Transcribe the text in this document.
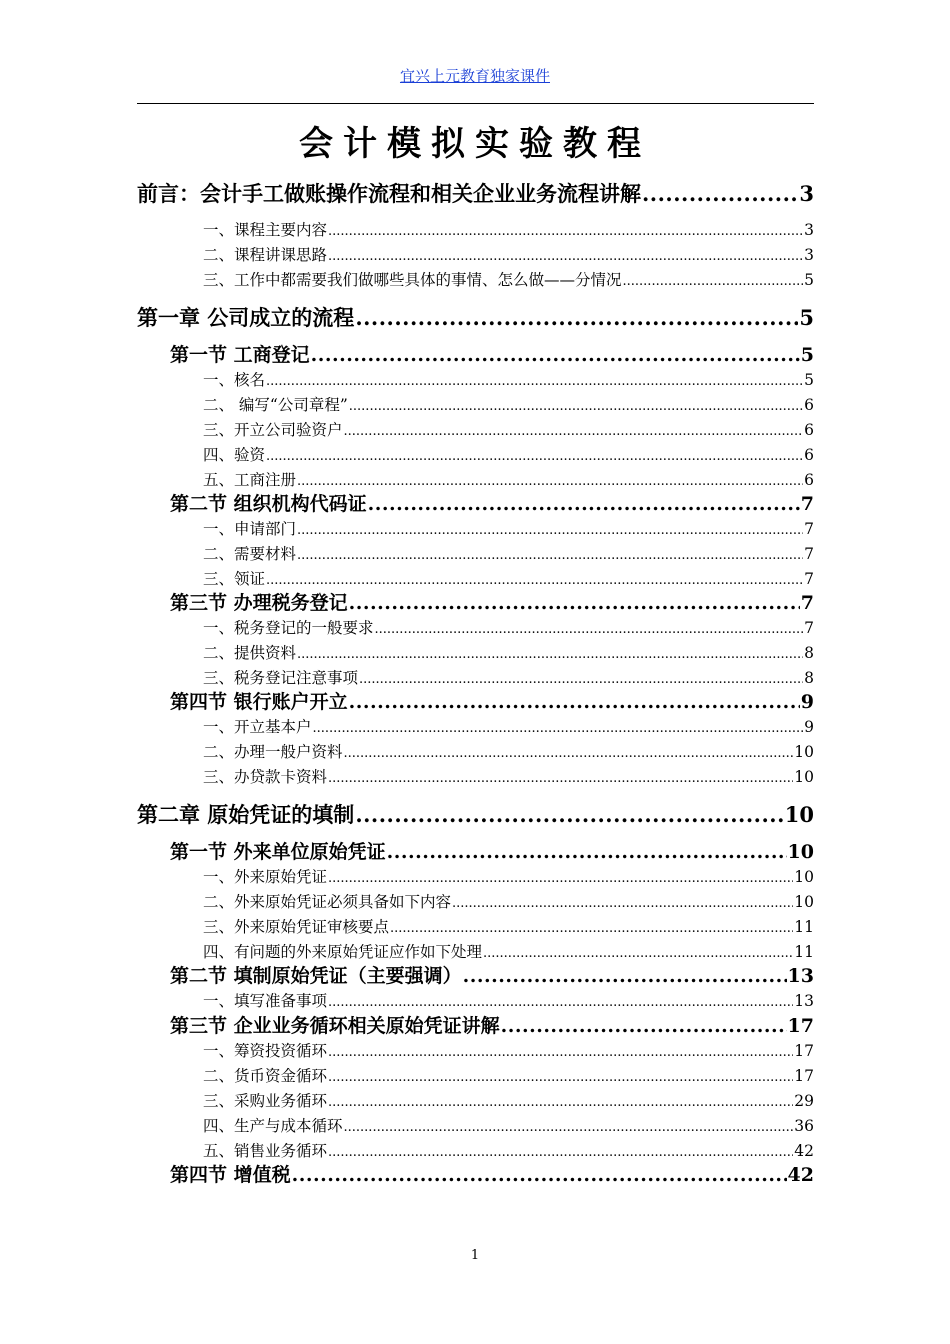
宜兴上元教育独家课件
会计模拟实验教程
前言：会计手工做账操作流程和相关企业业务流程讲解 .....	3
一、课程主要内容 .....	3
二、课程讲课思路 .....	3
三、工作中都需要我们做哪些具体的事情、怎么做——分情况 .....	5
第一章 公司成立的流程 .....	5
第一节 工商登记 .....	5
一、核名 .....	5
二、 编写“公司章程” .....	6
三、开立公司验资户 .....	6
四、验资 .....	6
五、工商注册 .....	6
第二节 组织机构代码证 .....	7
一、申请部门 .....	7
二、需要材料 .....	7
三、领证 .....	7
第三节 办理税务登记 .....	7
一、税务登记的一般要求 .....	7
二、提供资料 .....	8
三、税务登记注意事项 .....	8
第四节 银行账户开立 .....	9
一、开立基本户 .....	9
二、办理一般户资料 .....	10
三、办贷款卡资料 .....	10
第二章 原始凭证的填制 .....	10
第一节 外来单位原始凭证 .....	10
一、外来原始凭证 .....	10
二、外来原始凭证必须具备如下内容 .....	10
三、外来原始凭证审核要点 .....	11
四、有问题的外来原始凭证应作如下处理 .....	11
第二节 填制原始凭证（主要强调） .....	13
一、填写准备事项 .....	13
第三节 企业业务循环相关原始凭证讲解 .....	17
一、筹资投资循环 .....	17
二、货币资金循环 .....	17
三、采购业务循环 .....	29
四、生产与成本循环 .....	36
五、销售业务循环 .....	42
第四节 增值税 .....	42
1
